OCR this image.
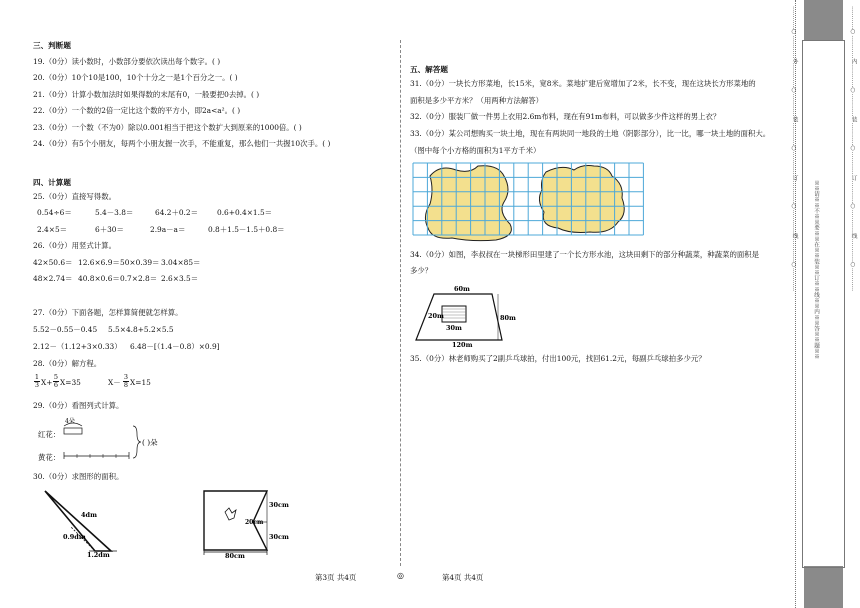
三、判断题
19.（0分）读小数时，小数部分要依次读出每个数字。( )
20.（0分）10个10是100，10个十分之一是1个百分之一。( )
21.（0分）计算小数加法时如果得数的末尾有0，一般要把0去掉。( )
22.（0分）一个数的2倍一定比这个数的平方小，即2a<a²。( )
23.（0分）一个数（不为0）除以0.001相当于把这个数扩大到原来的1000倍。( )
24.（0分）有5个小朋友，每两个小朋友握一次手，不能重复，那么他们一共握10次手。( )
四、计算题
25.（0分）直接写得数。
0.54÷6＝	5.4－3.8＝	64.2＋0.2＝	0.6+0.4×1.5＝
2.4×5＝	6＋30＝	2.9a－a＝	0.8＋1.5－1.5＋0.8＝
26.（0分）用竖式计算。
42×50.6＝ 12.6×6.9＝ 50×0.39＝ 3.04×85＝
48×2.74＝ 40.8×0.6＝ 0.7×2.8＝ 2.6×3.5＝
27.（0分）下面各题，怎样算简便就怎样算。
5.52－0.55－0.45 5.5×4.8+5.2×5.5
2.12－（1.12+3×0.33） 6.48－[（1.4－0.8）×0.9]
28.（0分）解方程。
1

3 X+
5

6 X=35	X－
3

8 X=15
29.（0分）看图列式计算。
红花：
黄花：
4朵
( )朵
30.（0分）求图形的面积。
4dm
0.9dm
1.2dm
30cm
20cm
30cm
80cm
五、解答题
31.（0分）一块长方形菜地，长15米，宽8米。菜地扩建后宽增加了2米，长不变，现在这块长方形菜地的
面积是多少平方米？（用两种方法解答）
32.（0分）服装厂做一件男上衣用2.6m布料，现在有91m布料，可以做多少件这样的男上衣？
33.（0分）某公司想购买一块土地，现在有两块同一地段的土地（阴影部分），比一比，哪一块土地的面积大。
（图中每个小方格的面积为1平方千米）
34.（0分）如图，李叔叔在一块梯形田里建了一个长方形水池，这块田剩下的部分种蔬菜，种蔬菜的面积是
多少？
60m
20m
30m
80m
120m
35.（0分）林老师购买了2副乒乓球拍，付出100元，找回61.2元，每副乒乓球拍多少元？
第3页 共4页	◎	第4页 共4页
…………○…………外…………○…………装…………○…………订…………○…………线…………○…………	※※请※※不※※要※※在※※装※※订※※线※※内※※答※※题※※	…………○…………内…………○…………装…………○…………订…………○…………线…………○…………
